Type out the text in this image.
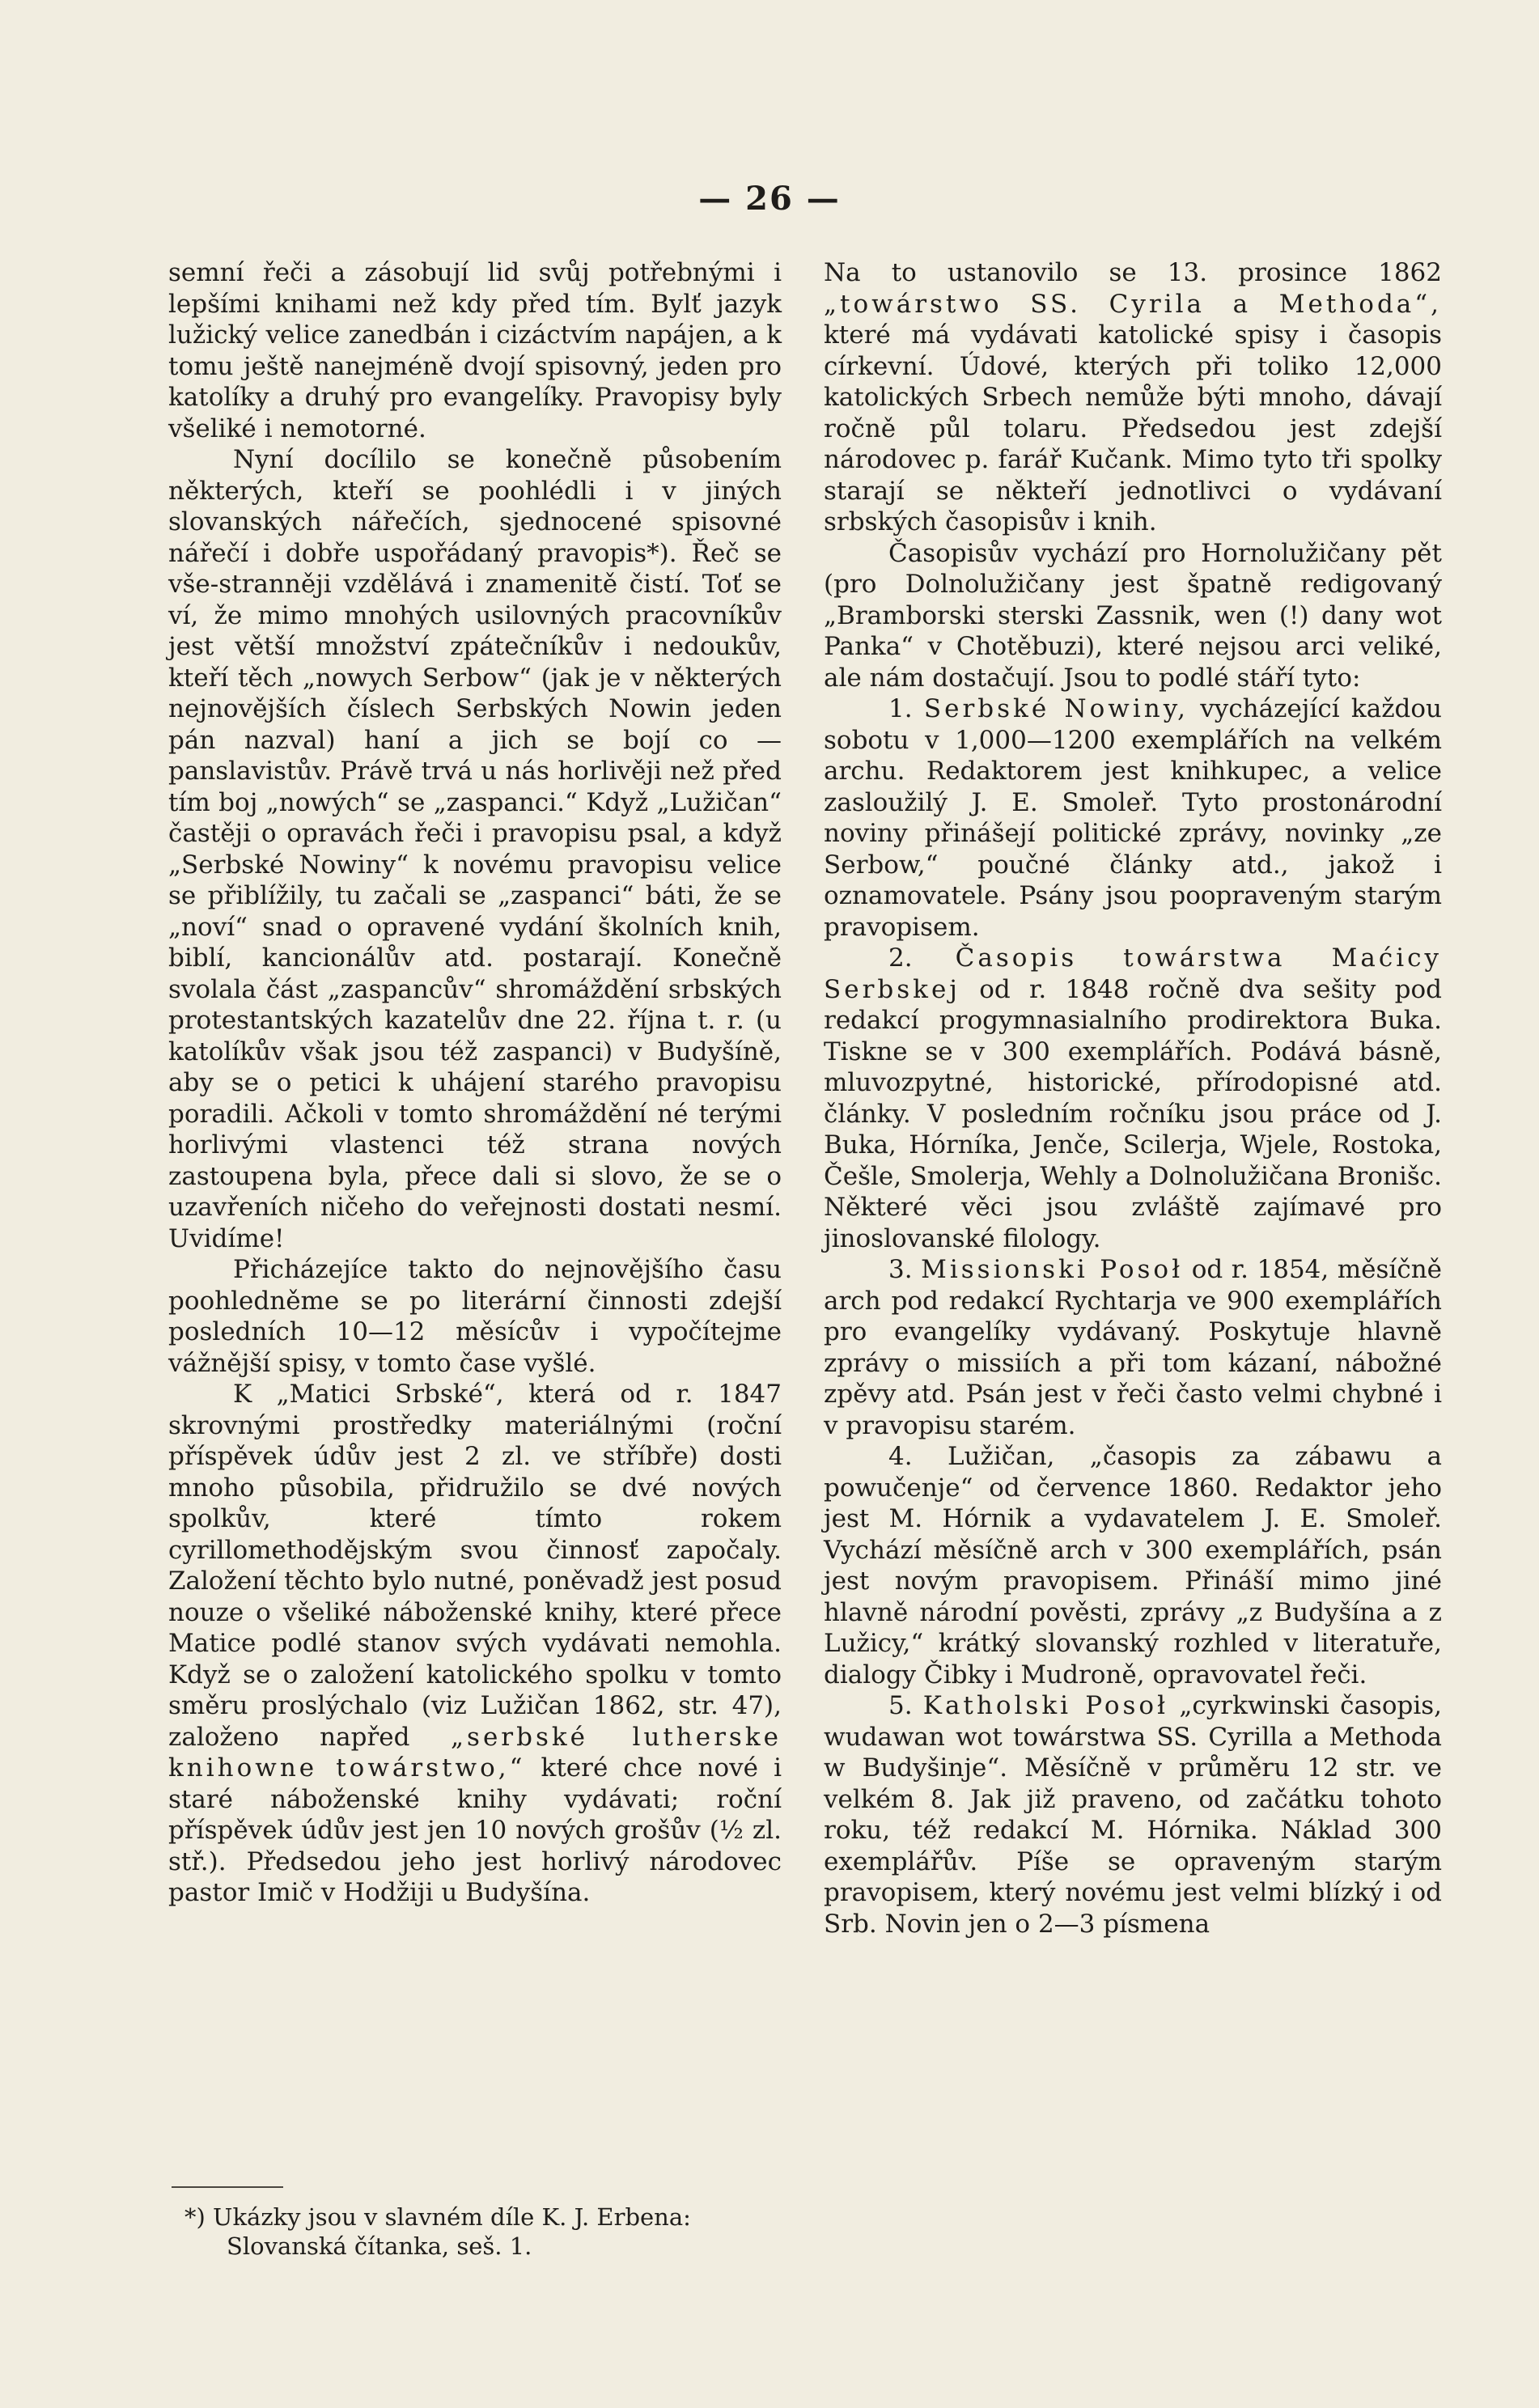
— 26 —

semní řeči a zásobují lid svůj potřebnými i lepšími knihami než kdy před tím. Bylť jazyk lužický velice zanedbán i cizáctvím napájen, a k tomu ještě nanejméně dvojí spisovný, jeden pro katolíky a druhý pro evangelíky. Pravopisy byly všeliké i nemotorné.

Nyní docílilo se konečně působením některých, kteří se poohlédli i v jiných slovanských nářečích, sjednocené spisovné nářečí i dobře uspořádaný pravopis*). Řeč se vše-stranněji vzdělává i znamenitě čistí. Toť se ví, že mimo mnohých usilovných pracovníkův jest větší množství zpátečníkův i nedoukův, kteří těch „nowych Serbow“ (jak je v některých nejnovějších číslech Serbských Nowin jeden pán nazval) haní a jich se bojí co — panslavistův. Právě trvá u nás horlivěji než před tím boj „nowých“ se „zaspanci.“ Když „Lužičan“ častěji o opravách řeči i pravopisu psal, a když „Serbské Nowiny“ k novému pravopisu velice se přiblížily, tu začali se „zaspanci“ báti, že se „noví“ snad o opravené vydání školních knih, biblí, kancionálův atd. postarají. Konečně svolala část „zaspancův“ shromáždění srbských protestantských kazatelův dne 22. října t. r. (u katolíkův však jsou též zaspanci) v Budyšíně, aby se o petici k uhájení starého pravopisu poradili. Ačkoli v tomto shromáždění né terými horlivými vlastenci též strana nových zastoupena byla, přece dali si slovo, že se o uzavřeních ničeho do veřejnosti dostati nesmí. Uvidíme!

Přicházejíce takto do nejnovějšího času poohledněme se po literární činnosti zdejší posledních 10—12 měsícův i vypočítejme vážnější spisy, v tomto čase vyšlé.

K „Matici Srbské“, která od r. 1847 skrovnými prostředky materiálnými (roční příspěvek údův jest 2 zl. ve stříbře) dosti mnoho působila, přidružilo se dvé nových spolkův, které tímto rokem cyrillomethodějským svou činnosť započaly. Založení těchto bylo nutné, poněvadž jest posud nouze o všeliké náboženské knihy, které přece Matice podlé stanov svých vydávati nemohla. Když se o založení katolického spolku v tomto směru proslýchalo (viz Lužičan 1862, str. 47), založeno napřed „serbské lutherske knihowne towárstwo,“ které chce nové i staré náboženské knihy vydávati; roční příspěvek údův jest jen 10 nových grošův (½ zl. stř.). Předsedou jeho jest horlivý národovec pastor Imič v Hodžiji u Budyšína.

*) Ukázky jsou v slavném díle K. J. Erbena:
Slovanská čítanka, seš. 1.

Na to ustanovilo se 13. prosince 1862 „towárstwo SS. Cyrila a Methoda“, které má vydávati katolické spisy i časopis církevní. Údové, kterých při toliko 12,000 katolických Srbech nemůže býti mnoho, dávají ročně půl tolaru. Předsedou jest zdejší národovec p. farář Kučank. Mimo tyto tři spolky starají se někteří jednotlivci o vydávaní srbských časopisův i knih.

Časopisův vychází pro Hornolužičany pět (pro Dolnolužičany jest špatně redigovaný „Bramborski sterski Zassnik, wen (!) dany wot Panka“ v Chotěbuzi), které nejsou arci veliké, ale nám dostačují. Jsou to podlé stáří tyto:

1. Serbské Nowiny, vycházející každou sobotu v 1,000—1200 exemplářích na velkém archu. Redaktorem jest knihkupec, a velice zasloužilý J. E. Smoleř. Tyto prostonárodní noviny přinášejí politické zprávy, novinky „ze Serbow,“ poučné články atd., jakož i oznamovatele. Psány jsou poopraveným starým pravopisem.

2. Časopis towárstwa Maćicy Serbskej od r. 1848 ročně dva sešity pod redakcí progymnasialního prodirektora Buka. Tiskne se v 300 exemplářích. Podává básně, mluvozpytné, historické, přírodopisné atd. články. V posledním ročníku jsou práce od J. Buka, Hórníka, Jenče, Scilerja, Wjele, Rostoka, Češle, Smolerja, Wehly a Dolnolužičana Bronišc. Některé věci jsou zvláště zajímavé pro jinoslovanské filology.

3. Missionski Posoł od r. 1854, měsíčně arch pod redakcí Rychtarja ve 900 exemplářích pro evangelíky vydávaný. Poskytuje hlavně zprávy o missiích a při tom kázaní, nábožné zpěvy atd. Psán jest v řeči často velmi chybné i v pravopisu starém.

4. Lužičan, „časopis za zábawu a powučenje“ od července 1860. Redaktor jeho jest M. Hórnik a vydavatelem J. E. Smoleř. Vychází měsíčně arch v 300 exemplářích, psán jest novým pravopisem. Přináší mimo jiné hlavně národní pověsti, zprávy „z Budyšína a z Lužicy,“ krátký slovanský rozhled v literatuře, dialogy Čibky i Mudroně, opravovatel řeči.

5. Katholski Posoł „cyrkwinski časopis, wudawan wot towárstwa SS. Cyrilla a Methoda w Budyšinje“. Měsíčně v průměru 12 str. ve velkém 8. Jak již praveno, od začátku tohoto roku, též redakcí M. Hórnika. Náklad 300 exemplářův. Píše se opraveným starým pravopisem, který novému jest velmi blízký i od Srb. Novin jen o 2—3 písmena
